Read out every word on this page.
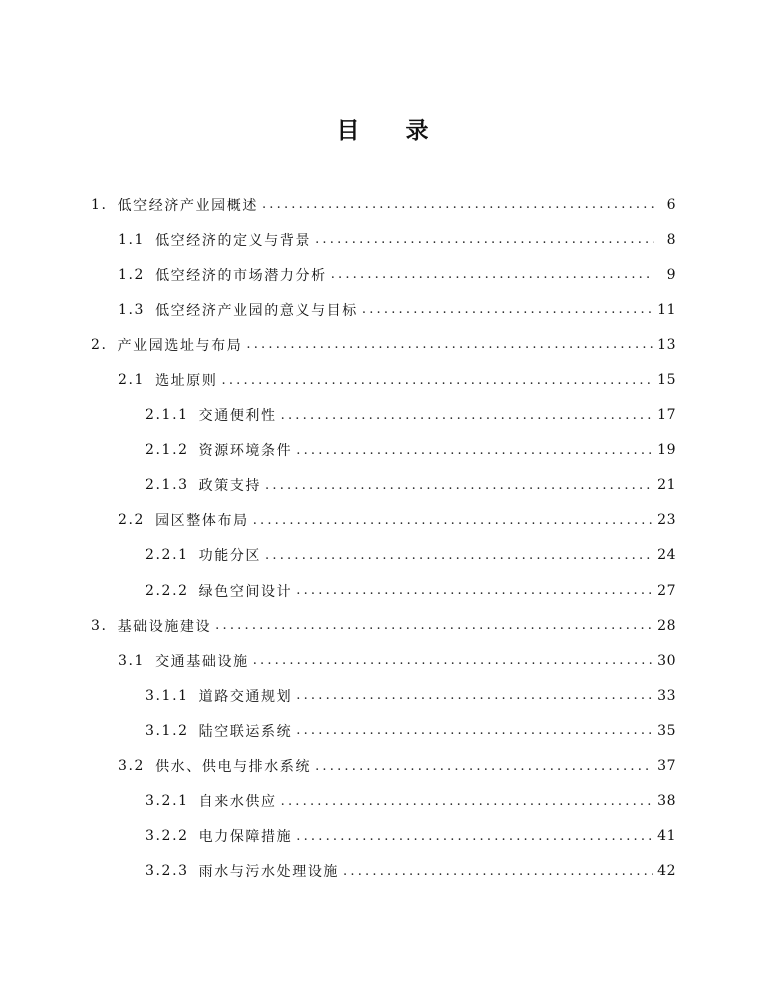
目　　录
1. 低空经济产业园概述 .....	6
1.1 低空经济的定义与背景 .....	8
1.2 低空经济的市场潜力分析 .....	9
1.3 低空经济产业园的意义与目标 .....	11
2. 产业园选址与布局 .....	13
2.1 选址原则 .....	15
2.1.1 交通便利性 .....	17
2.1.2 资源环境条件 .....	19
2.1.3 政策支持 .....	21
2.2 园区整体布局 .....	23
2.2.1 功能分区 .....	24
2.2.2 绿色空间设计 .....	27
3. 基础设施建设 .....	28
3.1 交通基础设施 .....	30
3.1.1 道路交通规划 .....	33
3.1.2 陆空联运系统 .....	35
3.2 供水、供电与排水系统 .....	37
3.2.1 自来水供应 .....	38
3.2.2 电力保障措施 .....	41
3.2.3 雨水与污水处理设施 .....	42
